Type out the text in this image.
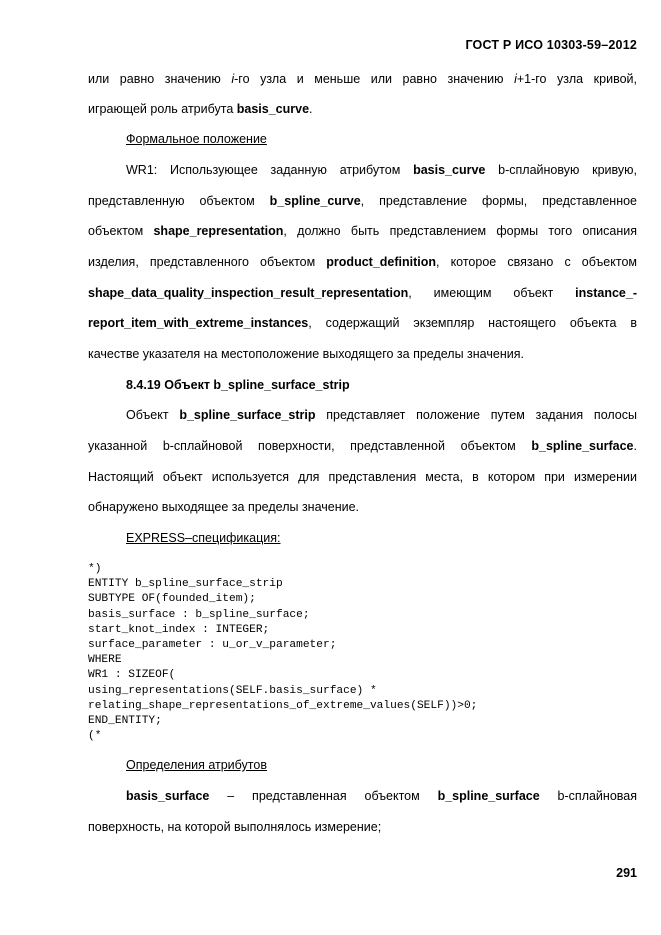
ГОСТ Р ИСО 10303-59–2012
или равно значению i-го узла и меньше или равно значению i+1-го узла кривой,
играющей роль атрибута basis_curve.
Формальное положение
WR1: Использующее заданную атрибутом basis_curve b-сплайновую кривую,
представленную объектом b_spline_curve, представление формы, представленное
объектом shape_representation, должно быть представлением формы того описания
изделия, представленного объектом product_definition, которое связано с объектом
shape_data_quality_inspection_result_representation, имеющим объект instance_-
report_item_with_extreme_instances, содержащий экземпляр настоящего объекта в
качестве указателя на местоположение выходящего за пределы значения.
8.4.19 Объект b_spline_surface_strip
Объект b_spline_surface_strip представляет положение путем задания полосы
указанной b-сплайновой поверхности, представленной объектом b_spline_surface.
Настоящий объект используется для представления места, в котором при измерении
обнаружено выходящее за пределы значение.
EXPRESS–спецификация:
*)
ENTITY b_spline_surface_strip
SUBTYPE OF(founded_item);
basis_surface : b_spline_surface;
start_knot_index : INTEGER;
surface_parameter : u_or_v_parameter;
WHERE
WR1 : SIZEOF(
using_representations(SELF.basis_surface) *
relating_shape_representations_of_extreme_values(SELF))>0;
END_ENTITY;
(*
Определения атрибутов
basis_surface – представленная объектом b_spline_surface b-сплайновая
поверхность, на которой выполнялось измерение;
291
